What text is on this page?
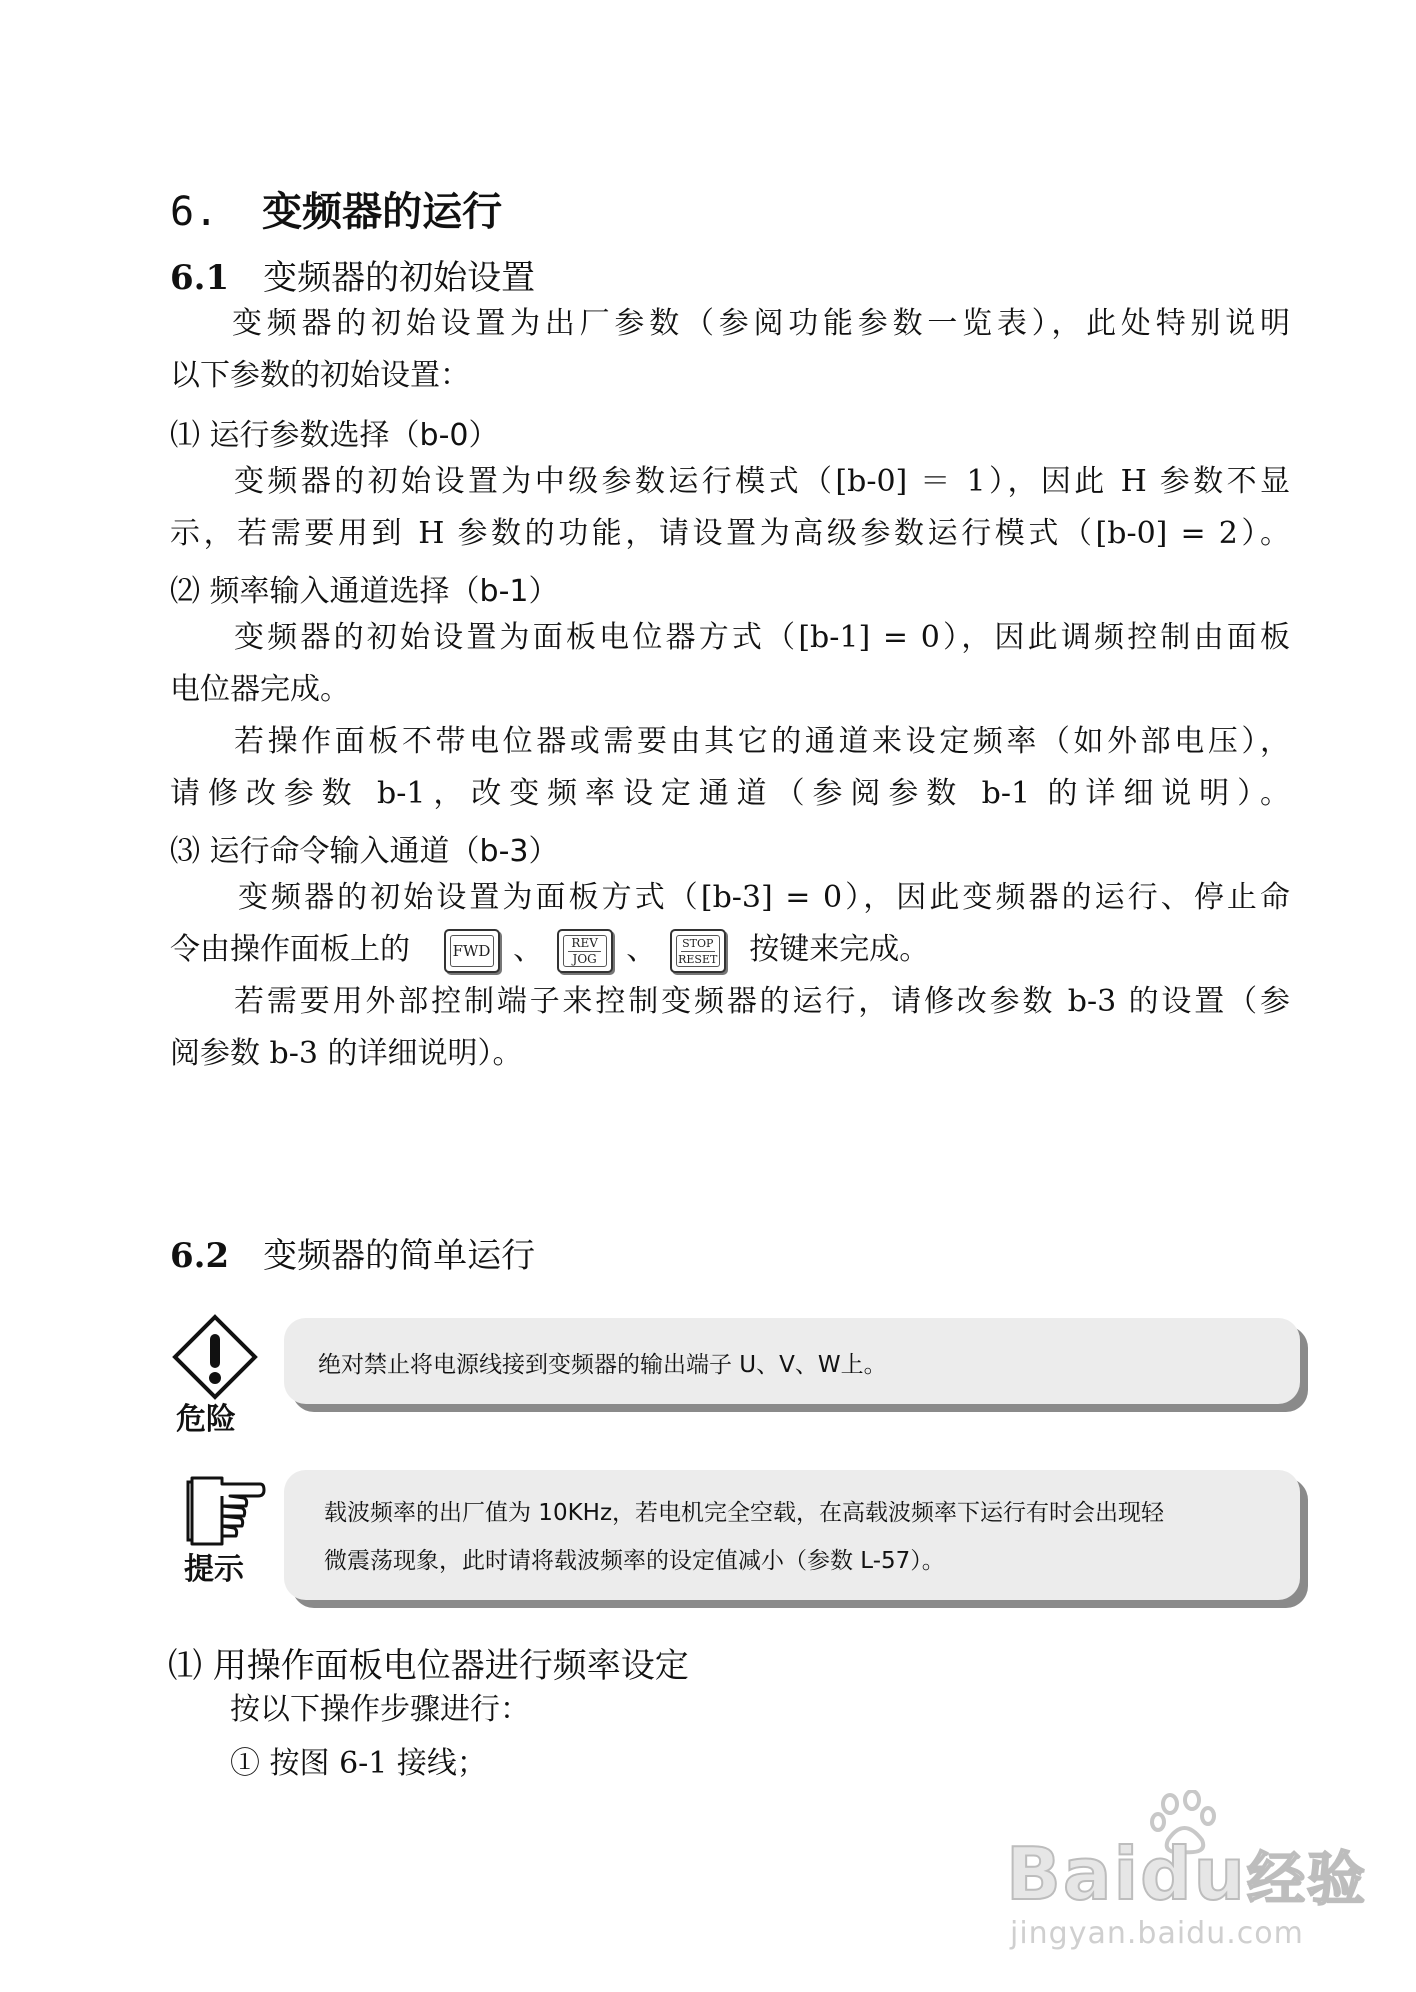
6. 变频器的运行
6.1 变频器的初始设置
变频器的初始设置为出厂参数（参阅功能参数一览表），此处特别说明
以下参数的初始设置：
⑴ 运行参数选择（b-0）
变频器的初始设置为中级参数运行模式（[b-0] ＝ 1），因此 H 参数不显
示，若需要用到 H 参数的功能，请设置为高级参数运行模式（[b-0] = 2）。
⑵ 频率输入通道选择（b-1）
变频器的初始设置为面板电位器方式（[b-1] = 0），因此调频控制由面板
电位器完成。
若操作面板不带电位器或需要由其它的通道来设定频率（如外部电压），
请修改参数 b-1，改变频率设定通道（参阅参数 b-1 的详细说明）。
⑶ 运行命令输入通道（b-3）
变频器的初始设置为面板方式（[b-3] = 0），因此变频器的运行、停止命
令由操作面板上的	FWD 、 REV
JOG 、 STOP
RESET 按键来完成。
若需要用外部控制端子来控制变频器的运行，请修改参数 b-3 的设置（参
阅参数 b-3 的详细说明）。
6.2 变频器的简单运行
危险
绝对禁止将电源线接到变频器的输出端子 U、V、W上。
提示
载波频率的出厂值为 10KHz，若电机完全空载，在高载波频率下运行有时会出现轻
微震荡现象，此时请将载波频率的设定值减小（参数 L-57）。
⑴ 用操作面板电位器进行频率设定
按以下操作步骤进行：
① 按图 6-1 接线；
Baidu经验
jingyan.baidu.com
